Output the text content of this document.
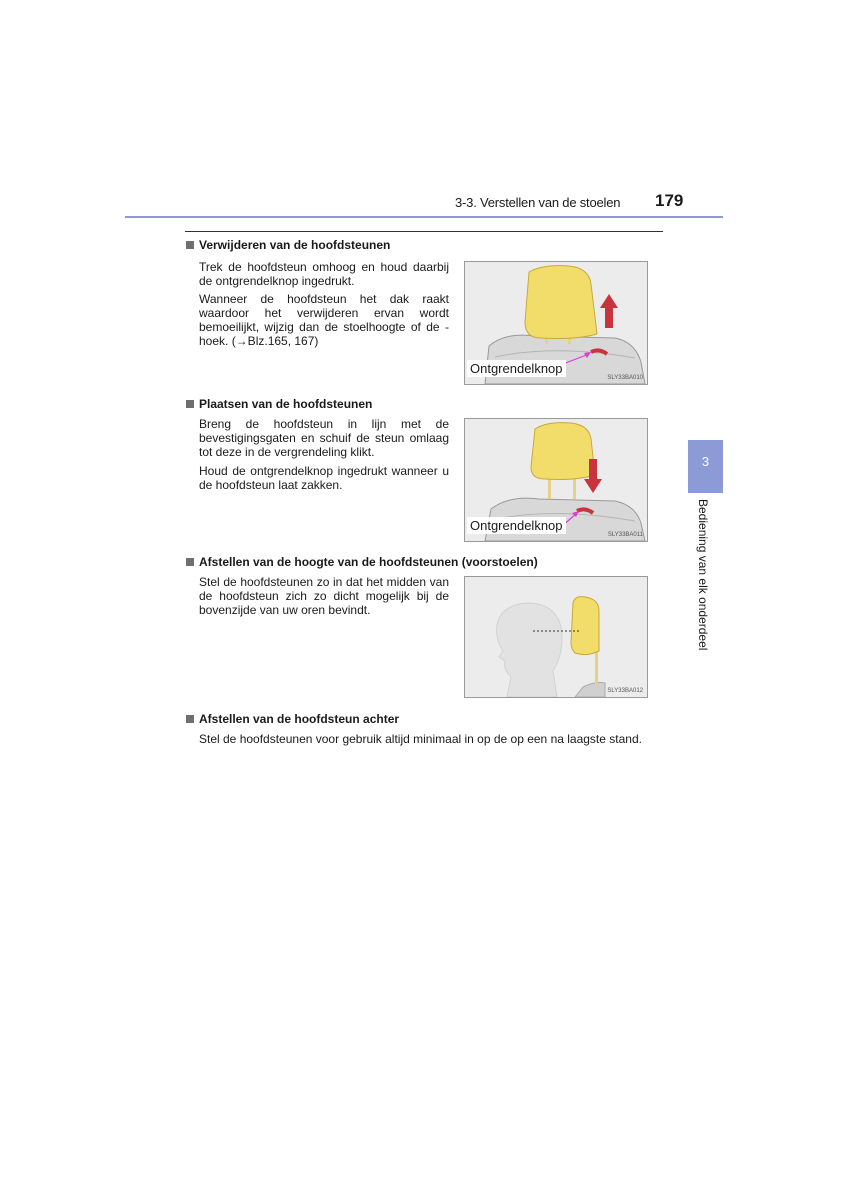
3-3. Verstellen van de stoelen 179
Verwijderen van de hoofdsteunen
Trek de hoofdsteun omhoog en houd daarbij de ontgrendelknop ingedrukt.
Wanneer de hoofdsteun het dak raakt waardoor het verwijderen ervan wordt bemoeilijkt, wijzig dan de stoelhoogte of de -hoek. (→Blz.165, 167)
Ontgrendelknop
SLY33BA010
Plaatsen van de hoofdsteunen
Breng de hoofdsteun in lijn met de bevestigingsgaten en schuif de steun omlaag tot deze in de vergrendeling klikt.
Houd de ontgrendelknop ingedrukt wanneer u de hoofdsteun laat zakken.
Ontgrendelknop
SLY33BA011
Afstellen van de hoogte van de hoofdsteunen (voorstoelen)
Stel de hoofdsteunen zo in dat het midden van de hoofdsteun zich zo dicht mogelijk bij de bovenzijde van uw oren bevindt.
SLY33BA012
Afstellen van de hoofdsteun achter
Stel de hoofdsteunen voor gebruik altijd minimaal in op de op een na laagste stand.
3
Bediening van elk onderdeel
